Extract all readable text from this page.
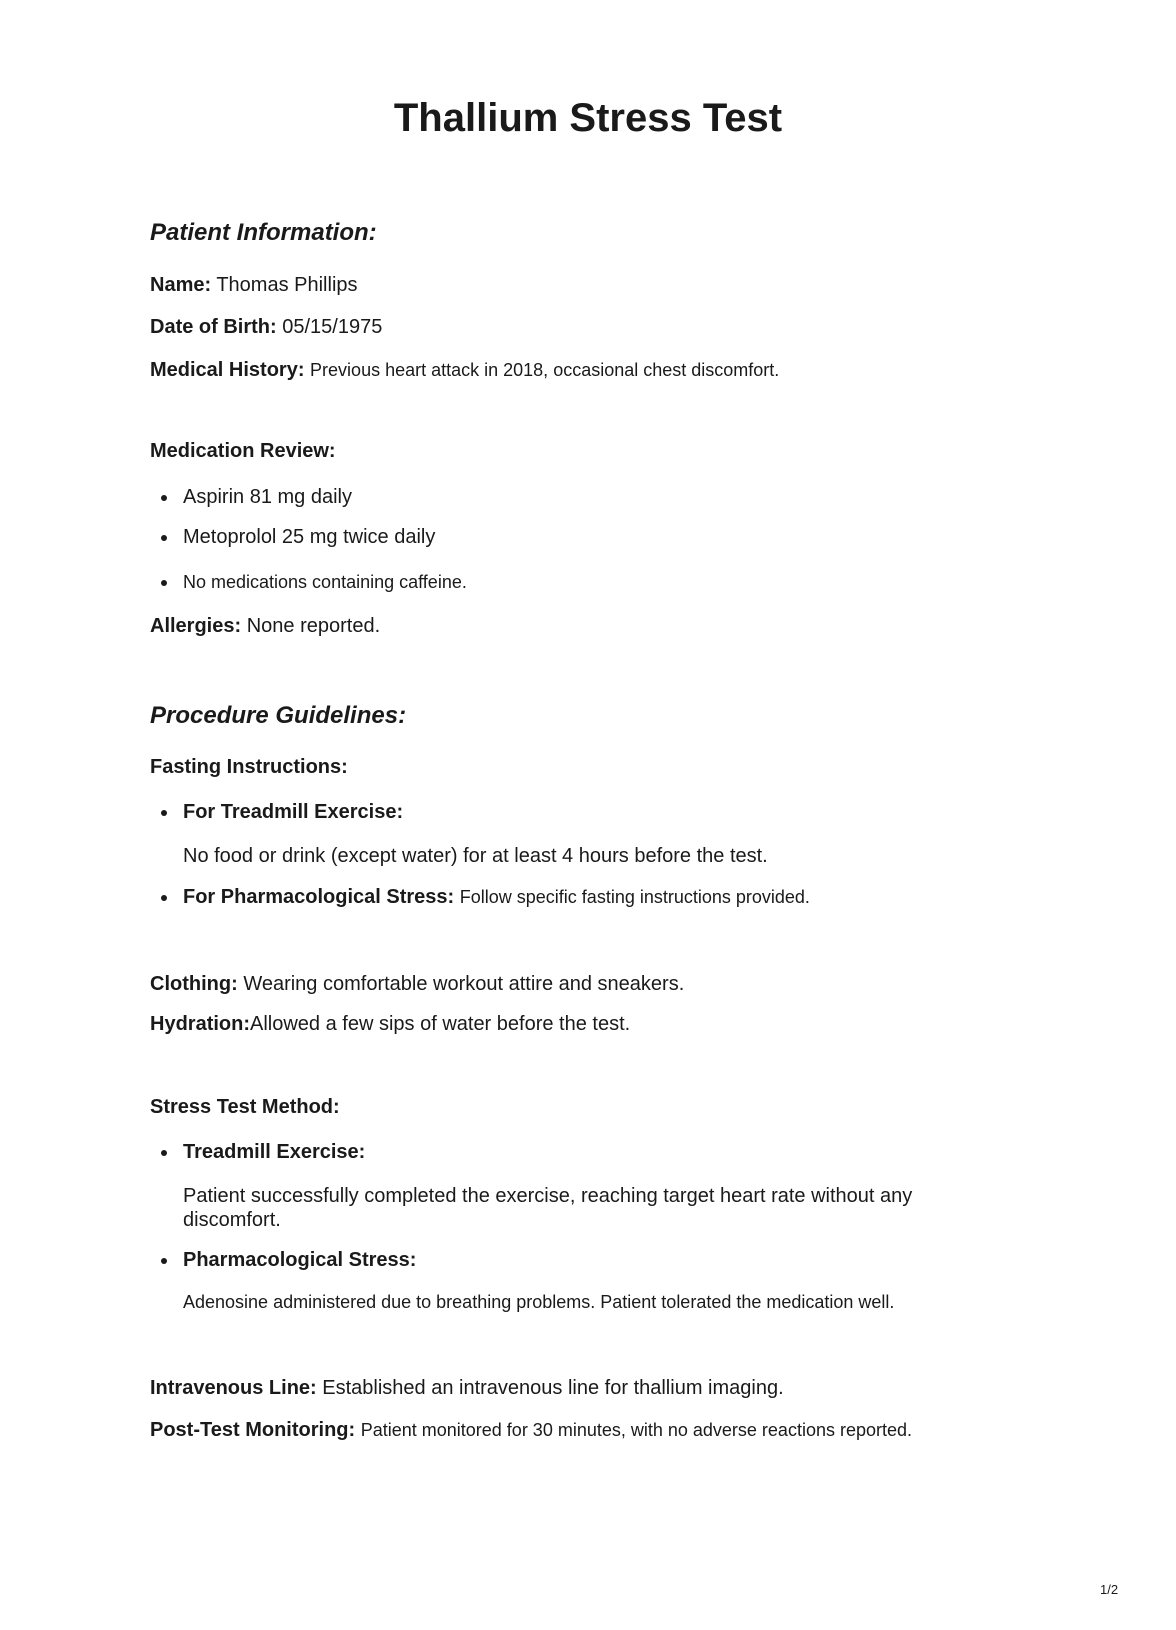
Thallium Stress Test
Patient Information:
Name: Thomas Phillips
Date of Birth: 05/15/1975
Medical History: Previous heart attack in 2018, occasional chest discomfort.
Medication Review:
Aspirin 81 mg daily
Metoprolol 25 mg twice daily
No medications containing caffeine.
Allergies: None reported.
Procedure Guidelines:
Fasting Instructions:
For Treadmill Exercise:
No food or drink (except water) for at least 4 hours before the test.
For Pharmacological Stress: Follow specific fasting instructions provided.
Clothing: Wearing comfortable workout attire and sneakers.
Hydration:Allowed a few sips of water before the test.
Stress Test Method:
Treadmill Exercise:
Patient successfully completed the exercise, reaching target heart rate without any
discomfort.
Pharmacological Stress:
Adenosine administered due to breathing problems. Patient tolerated the medication well.
Intravenous Line: Established an intravenous line for thallium imaging.
Post-Test Monitoring: Patient monitored for 30 minutes, with no adverse reactions reported.
1/2
